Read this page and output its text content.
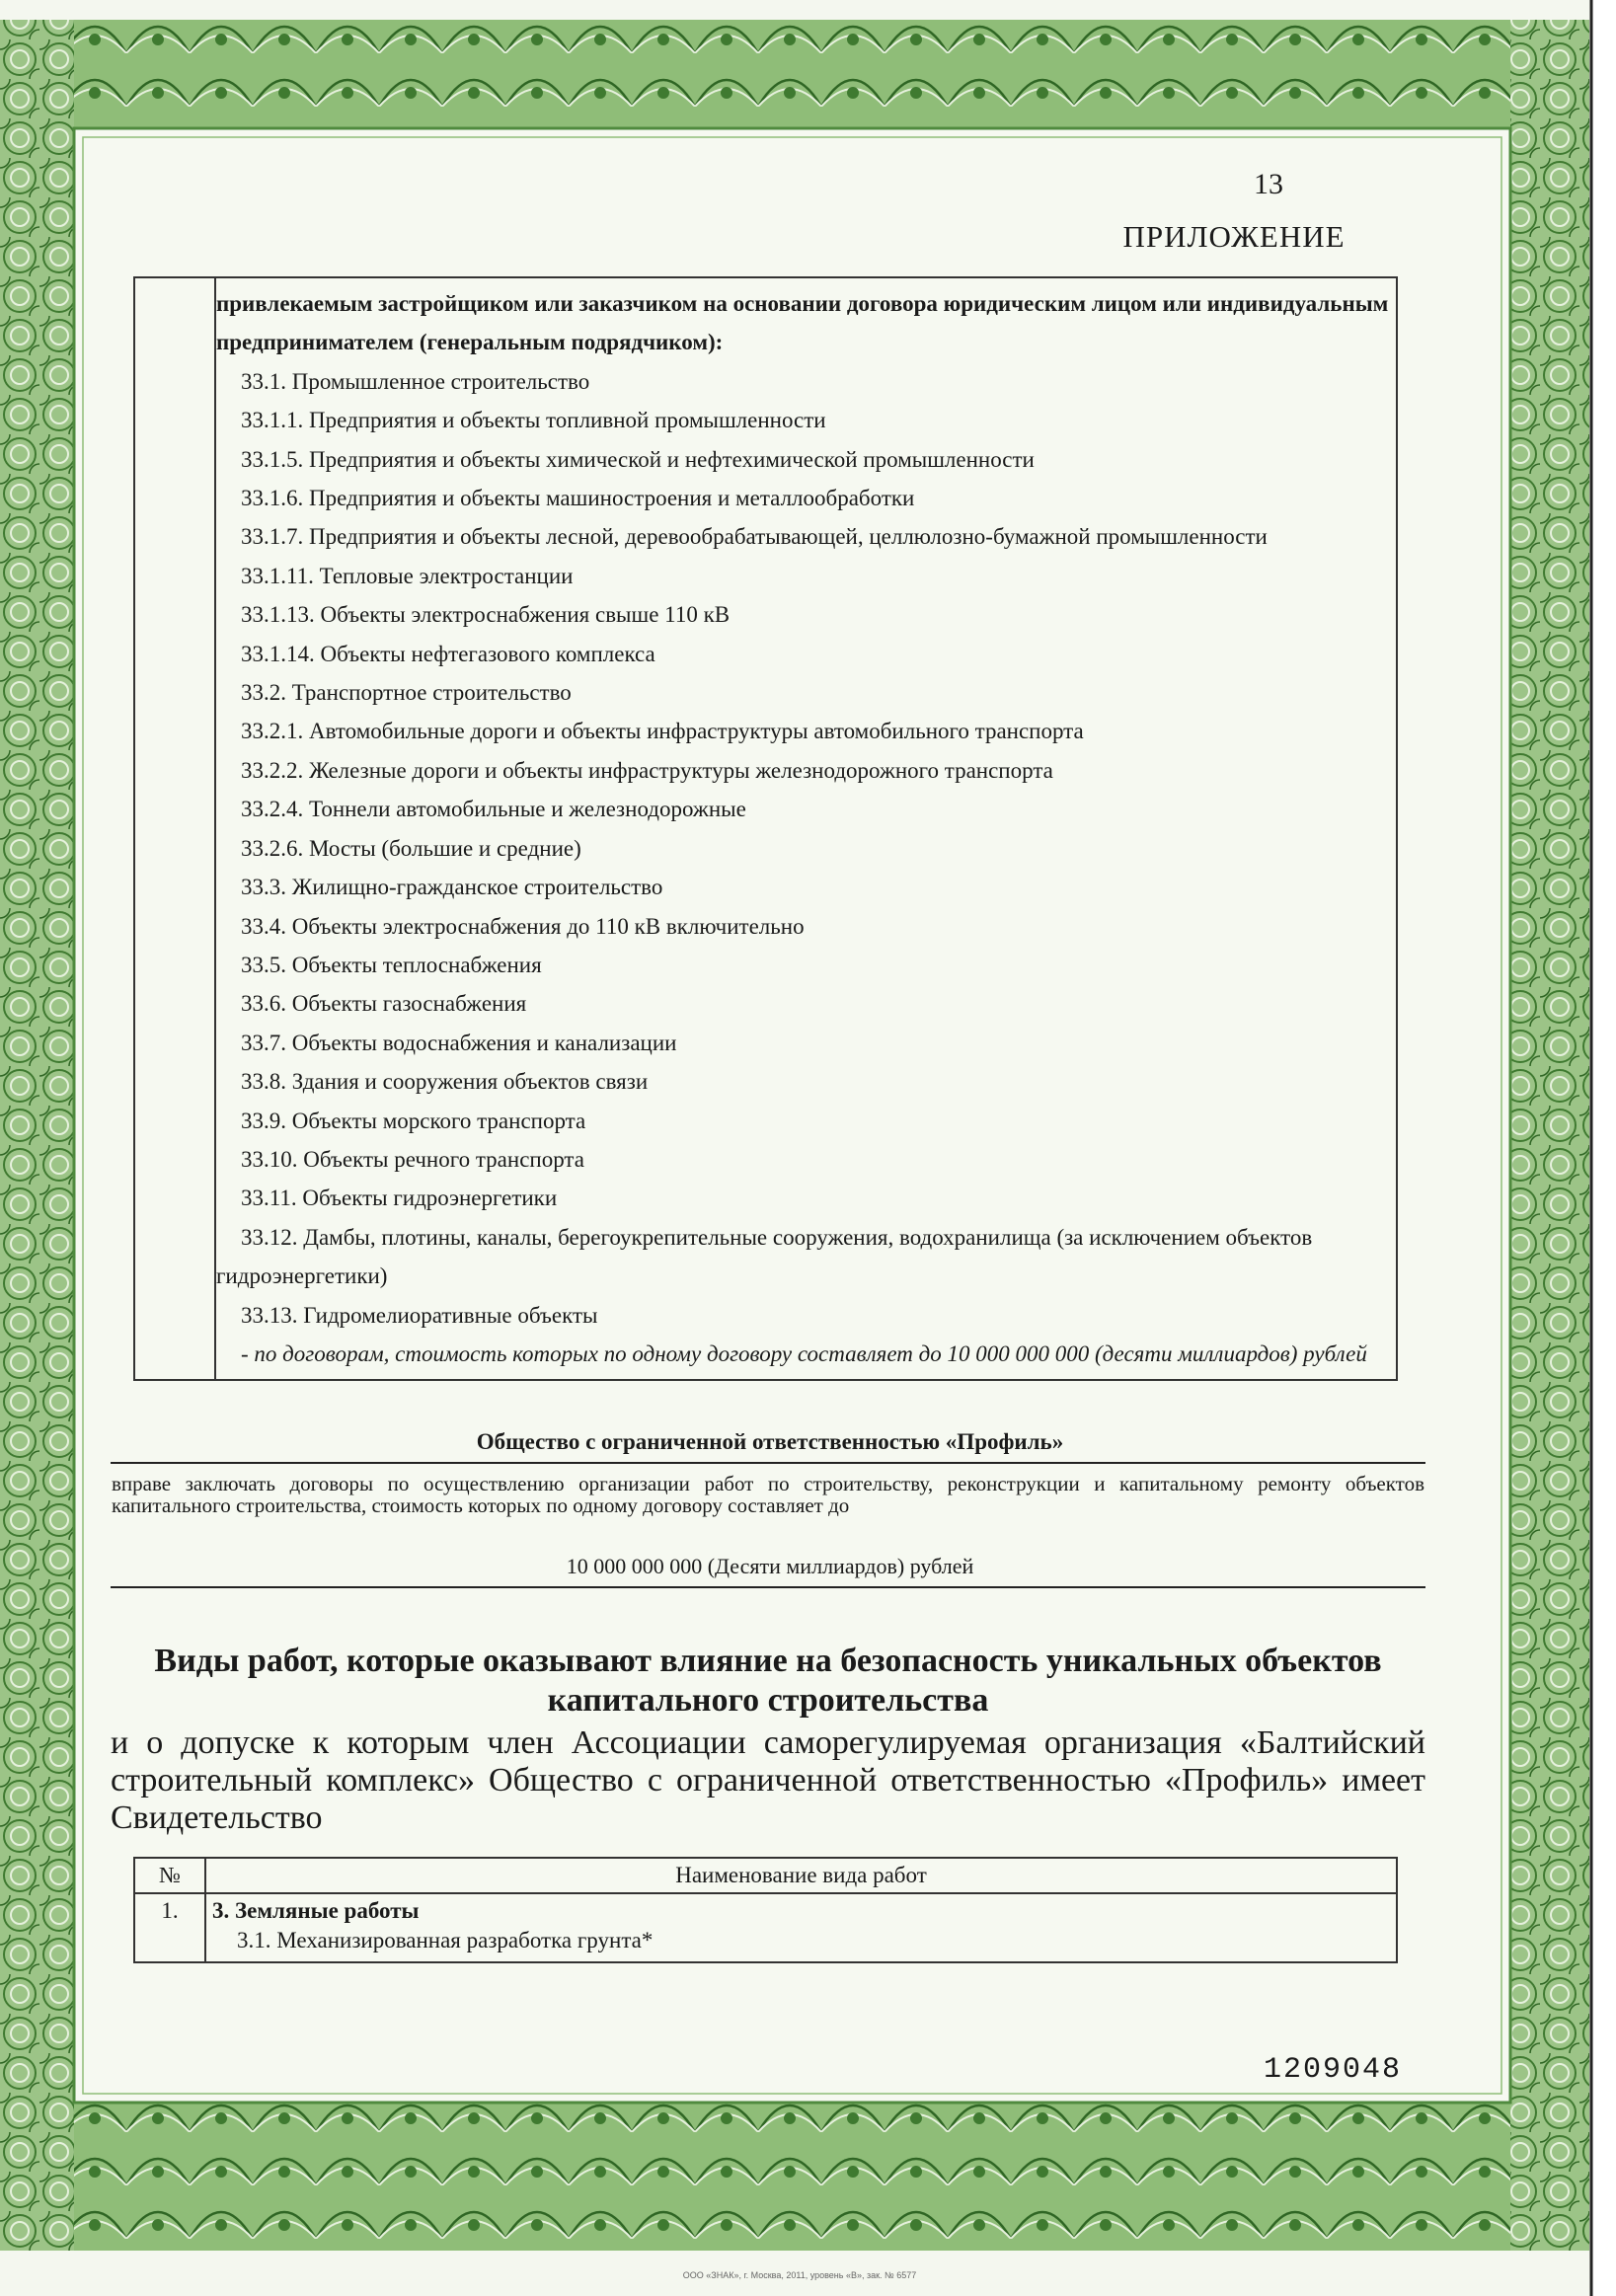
13
ПРИЛОЖЕНИЕ

привлекаемым застройщиком или заказчиком на основании договора юридическим лицом или индивидуальным предпринимателем (генеральным подрядчиком):
33.1. Промышленное строительство
33.1.1. Предприятия и объекты топливной промышленности
33.1.5. Предприятия и объекты химической и нефтехимической промышленности
33.1.6. Предприятия и объекты машиностроения и металлообработки
33.1.7. Предприятия и объекты лесной, деревообрабатывающей, целлюлозно-бумажной промышленности
33.1.11. Тепловые электростанции
33.1.13. Объекты электроснабжения свыше 110 кВ
33.1.14. Объекты нефтегазового комплекса
33.2. Транспортное строительство
33.2.1. Автомобильные дороги и объекты инфраструктуры автомобильного транспорта
33.2.2. Железные дороги и объекты инфраструктуры железнодорожного транспорта
33.2.4. Тоннели автомобильные и железнодорожные
33.2.6. Мосты (большие и средние)
33.3. Жилищно-гражданское строительство
33.4. Объекты электроснабжения до 110 кВ включительно
33.5. Объекты теплоснабжения
33.6. Объекты газоснабжения
33.7. Объекты водоснабжения и канализации
33.8. Здания и сооружения объектов связи
33.9. Объекты морского транспорта
33.10. Объекты речного транспорта
33.11. Объекты гидроэнергетики
33.12. Дамбы, плотины, каналы, берегоукрепительные сооружения, водохранилища (за исключением объектов гидроэнергетики)
33.13. Гидромелиоративные объекты
- по договорам, стоимость которых по одному договору составляет до 10 000 000 000 (десяти миллиардов) рублей
Общество с ограниченной ответственностью «Профиль»
вправе заключать договоры по осуществлению организации работ по строительству, реконструкции и капитальному ремонту объектов капитального строительства, стоимость которых по одному договору составляет до
10 000 000 000 (Десяти миллиардов) рублей
Виды работ, которые оказывают влияние на безопасность уникальных объектов капитального строительства
и о допуске к которым член Ассоциации саморегулируемая организация «Балтийский строительный комплекс» Общество с ограниченной ответственностью «Профиль» имеет Свидетельство
№	Наименование вида работ
1.	3. Земляные работы
3.1. Механизированная разработка грунта*
1209048
ООО «ЗНАК», г. Москва, 2011, уровень «В», зак. № 6577
